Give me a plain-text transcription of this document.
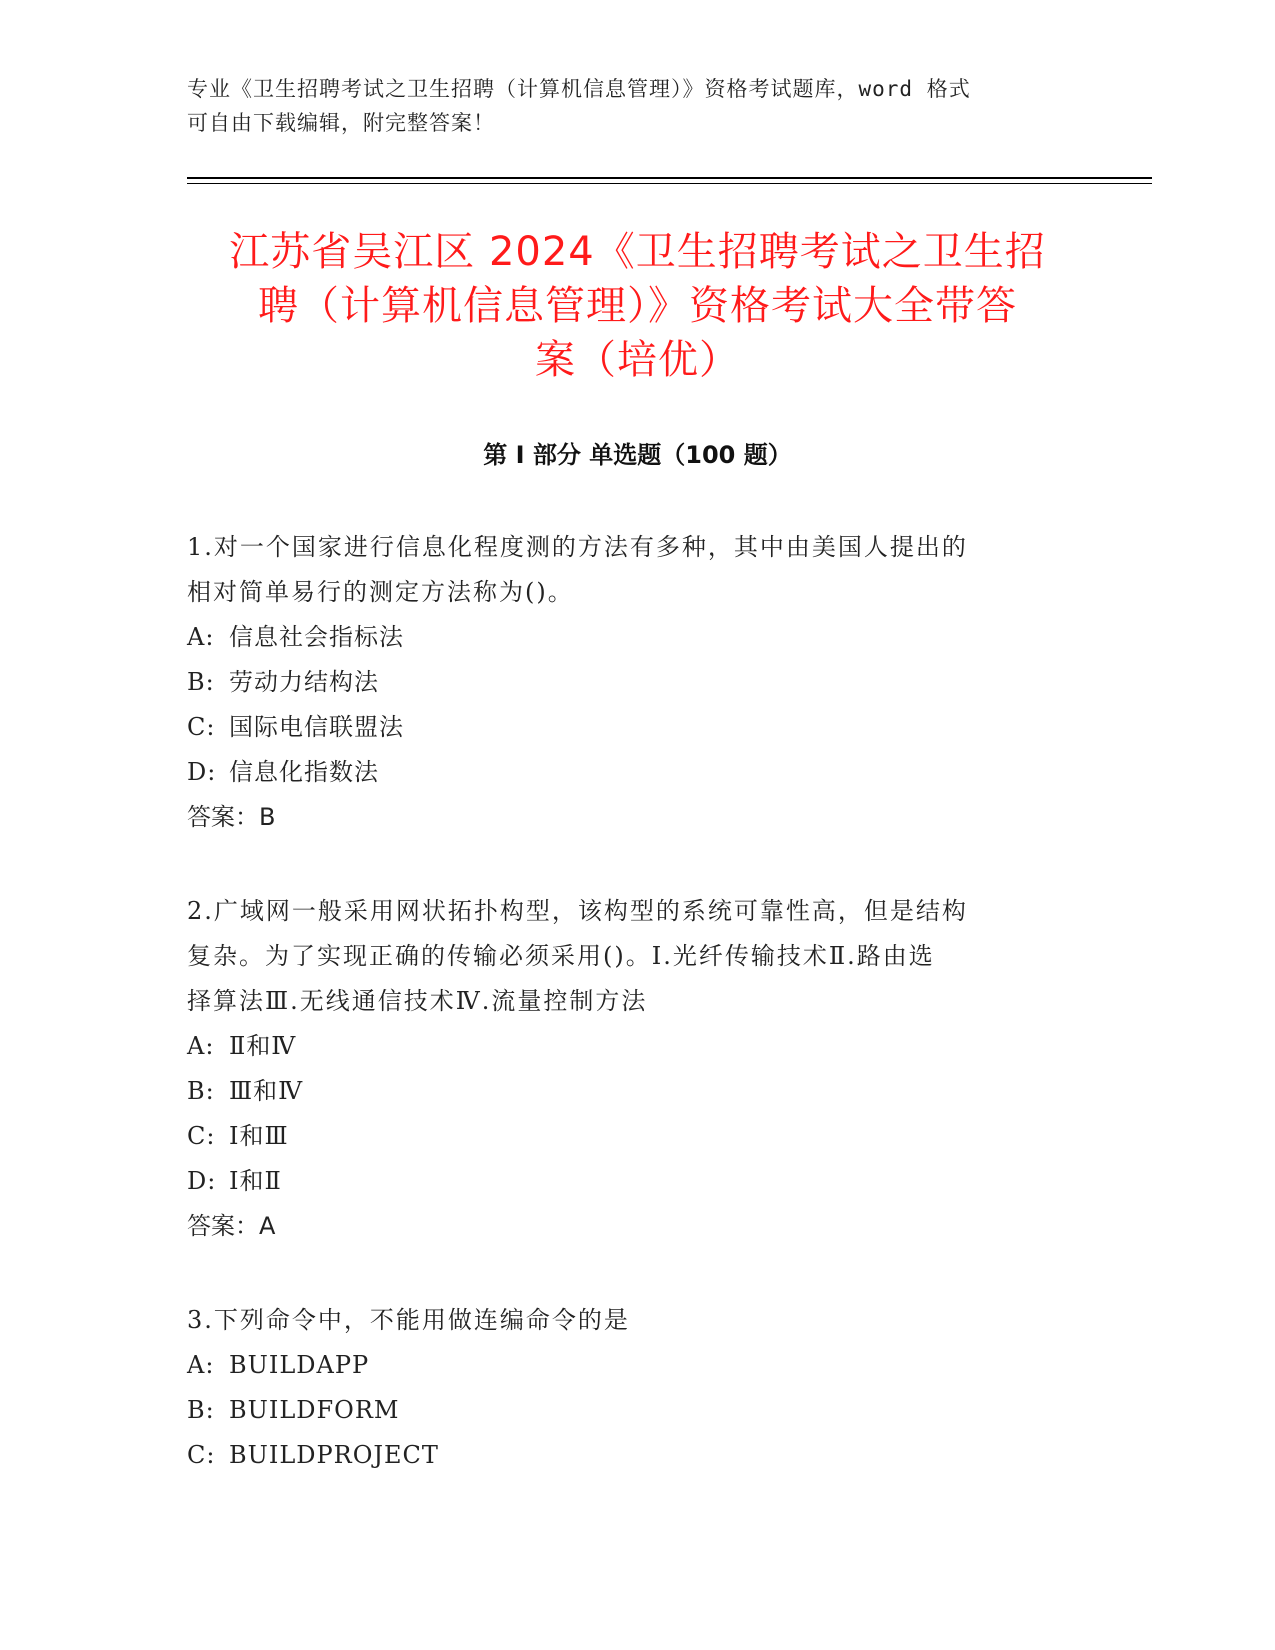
专业《卫生招聘考试之卫生招聘（计算机信息管理）》资格考试题库，word 格式
可自由下载编辑，附完整答案！
江苏省吴江区 2024《卫生招聘考试之卫生招
聘（计算机信息管理）》资格考试大全带答
案（培优）
第 I 部分 单选题（100 题）
1.对一个国家进行信息化程度测的方法有多种，其中由美国人提出的
相对简单易行的测定方法称为()。
A: 信息社会指标法
B: 劳动力结构法
C: 国际电信联盟法
D: 信息化指数法
答案：B
2.广域网一般采用网状拓扑构型，该构型的系统可靠性高，但是结构
复杂。为了实现正确的传输必须采用()。Ⅰ.光纤传输技术Ⅱ.路由选
择算法Ⅲ.无线通信技术Ⅳ.流量控制方法
A: Ⅱ和Ⅳ
B: Ⅲ和Ⅳ
C: Ⅰ和Ⅲ
D: Ⅰ和Ⅱ
答案：A
3.下列命令中，不能用做连编命令的是
A: BUILDAPP
B: BUILDFORM
C: BUILDPROJECT
